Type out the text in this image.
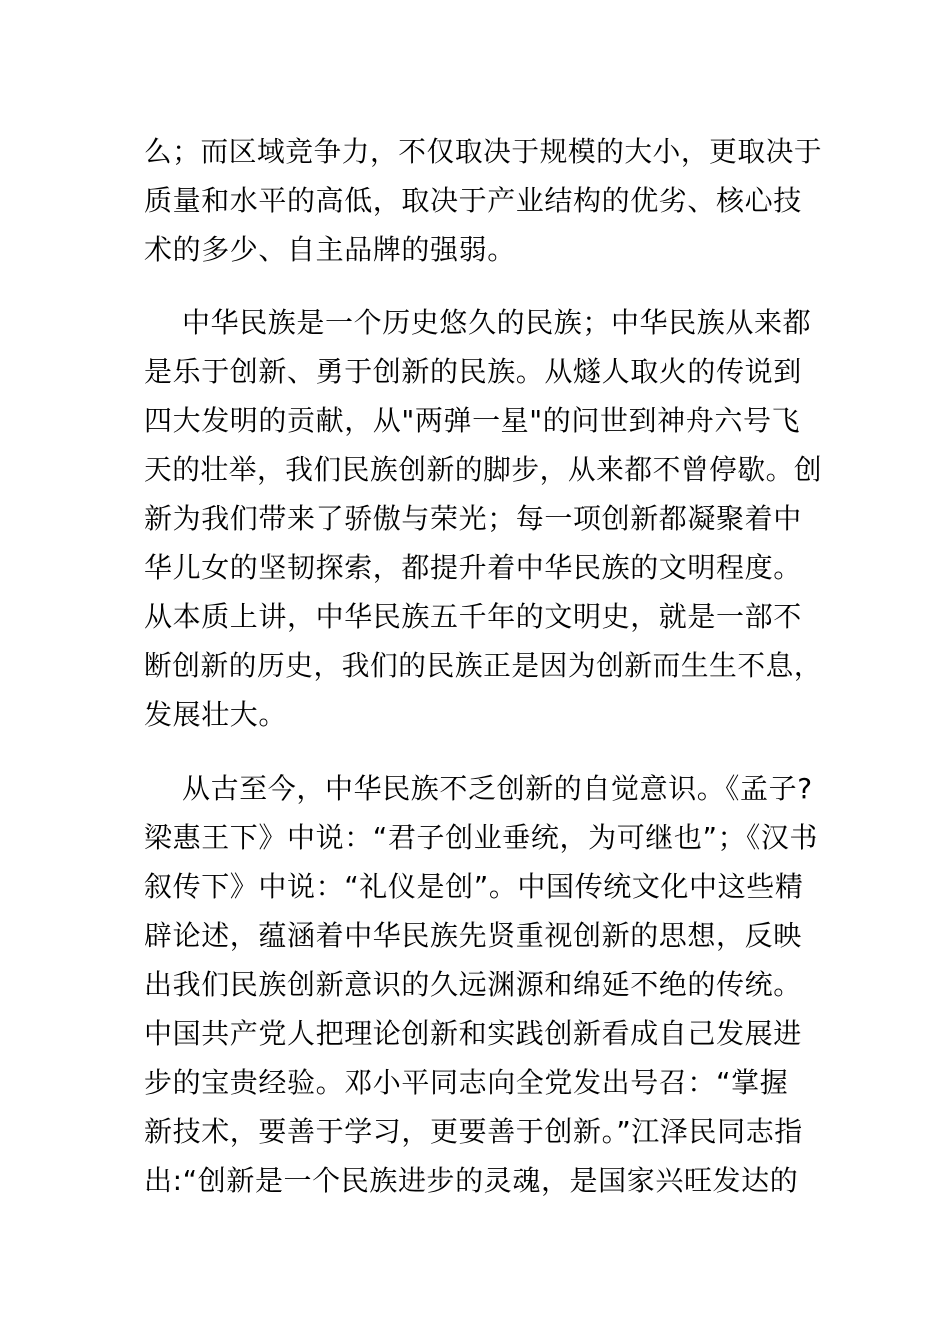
么；而区域竞争力，不仅取决于规模的大小，更取决于
质量和水平的高低，取决于产业结构的优劣、核心技
术的多少、自主品牌的强弱。
中华民族是一个历史悠久的民族；中华民族从来都
是乐于创新、勇于创新的民族。从燧人取火的传说到
四大发明的贡献，从"两弹一星"的问世到神舟六号飞
天的壮举，我们民族创新的脚步，从来都不曾停歇。创
新为我们带来了骄傲与荣光；每一项创新都凝聚着中
华儿女的坚韧探索，都提升着中华民族的文明程度。
从本质上讲，中华民族五千年的文明史，就是一部不
断创新的历史，我们的民族正是因为创新而生生不息，
发展壮大。
从古至今，中华民族不乏创新的自觉意识。《孟子?
梁惠王下》中说：“君子创业垂统，为可继也”；《汉书
叙传下》中说：“礼仪是创”。中国传统文化中这些精
辟论述，蕴涵着中华民族先贤重视创新的思想，反映
出我们民族创新意识的久远渊源和绵延不绝的传统。
中国共产党人把理论创新和实践创新看成自己发展进
步的宝贵经验。邓小平同志向全党发出号召：“掌握
新技术，要善于学习，更要善于创新。”江泽民同志指
出:“创新是一个民族进步的灵魂，是国家兴旺发达的
